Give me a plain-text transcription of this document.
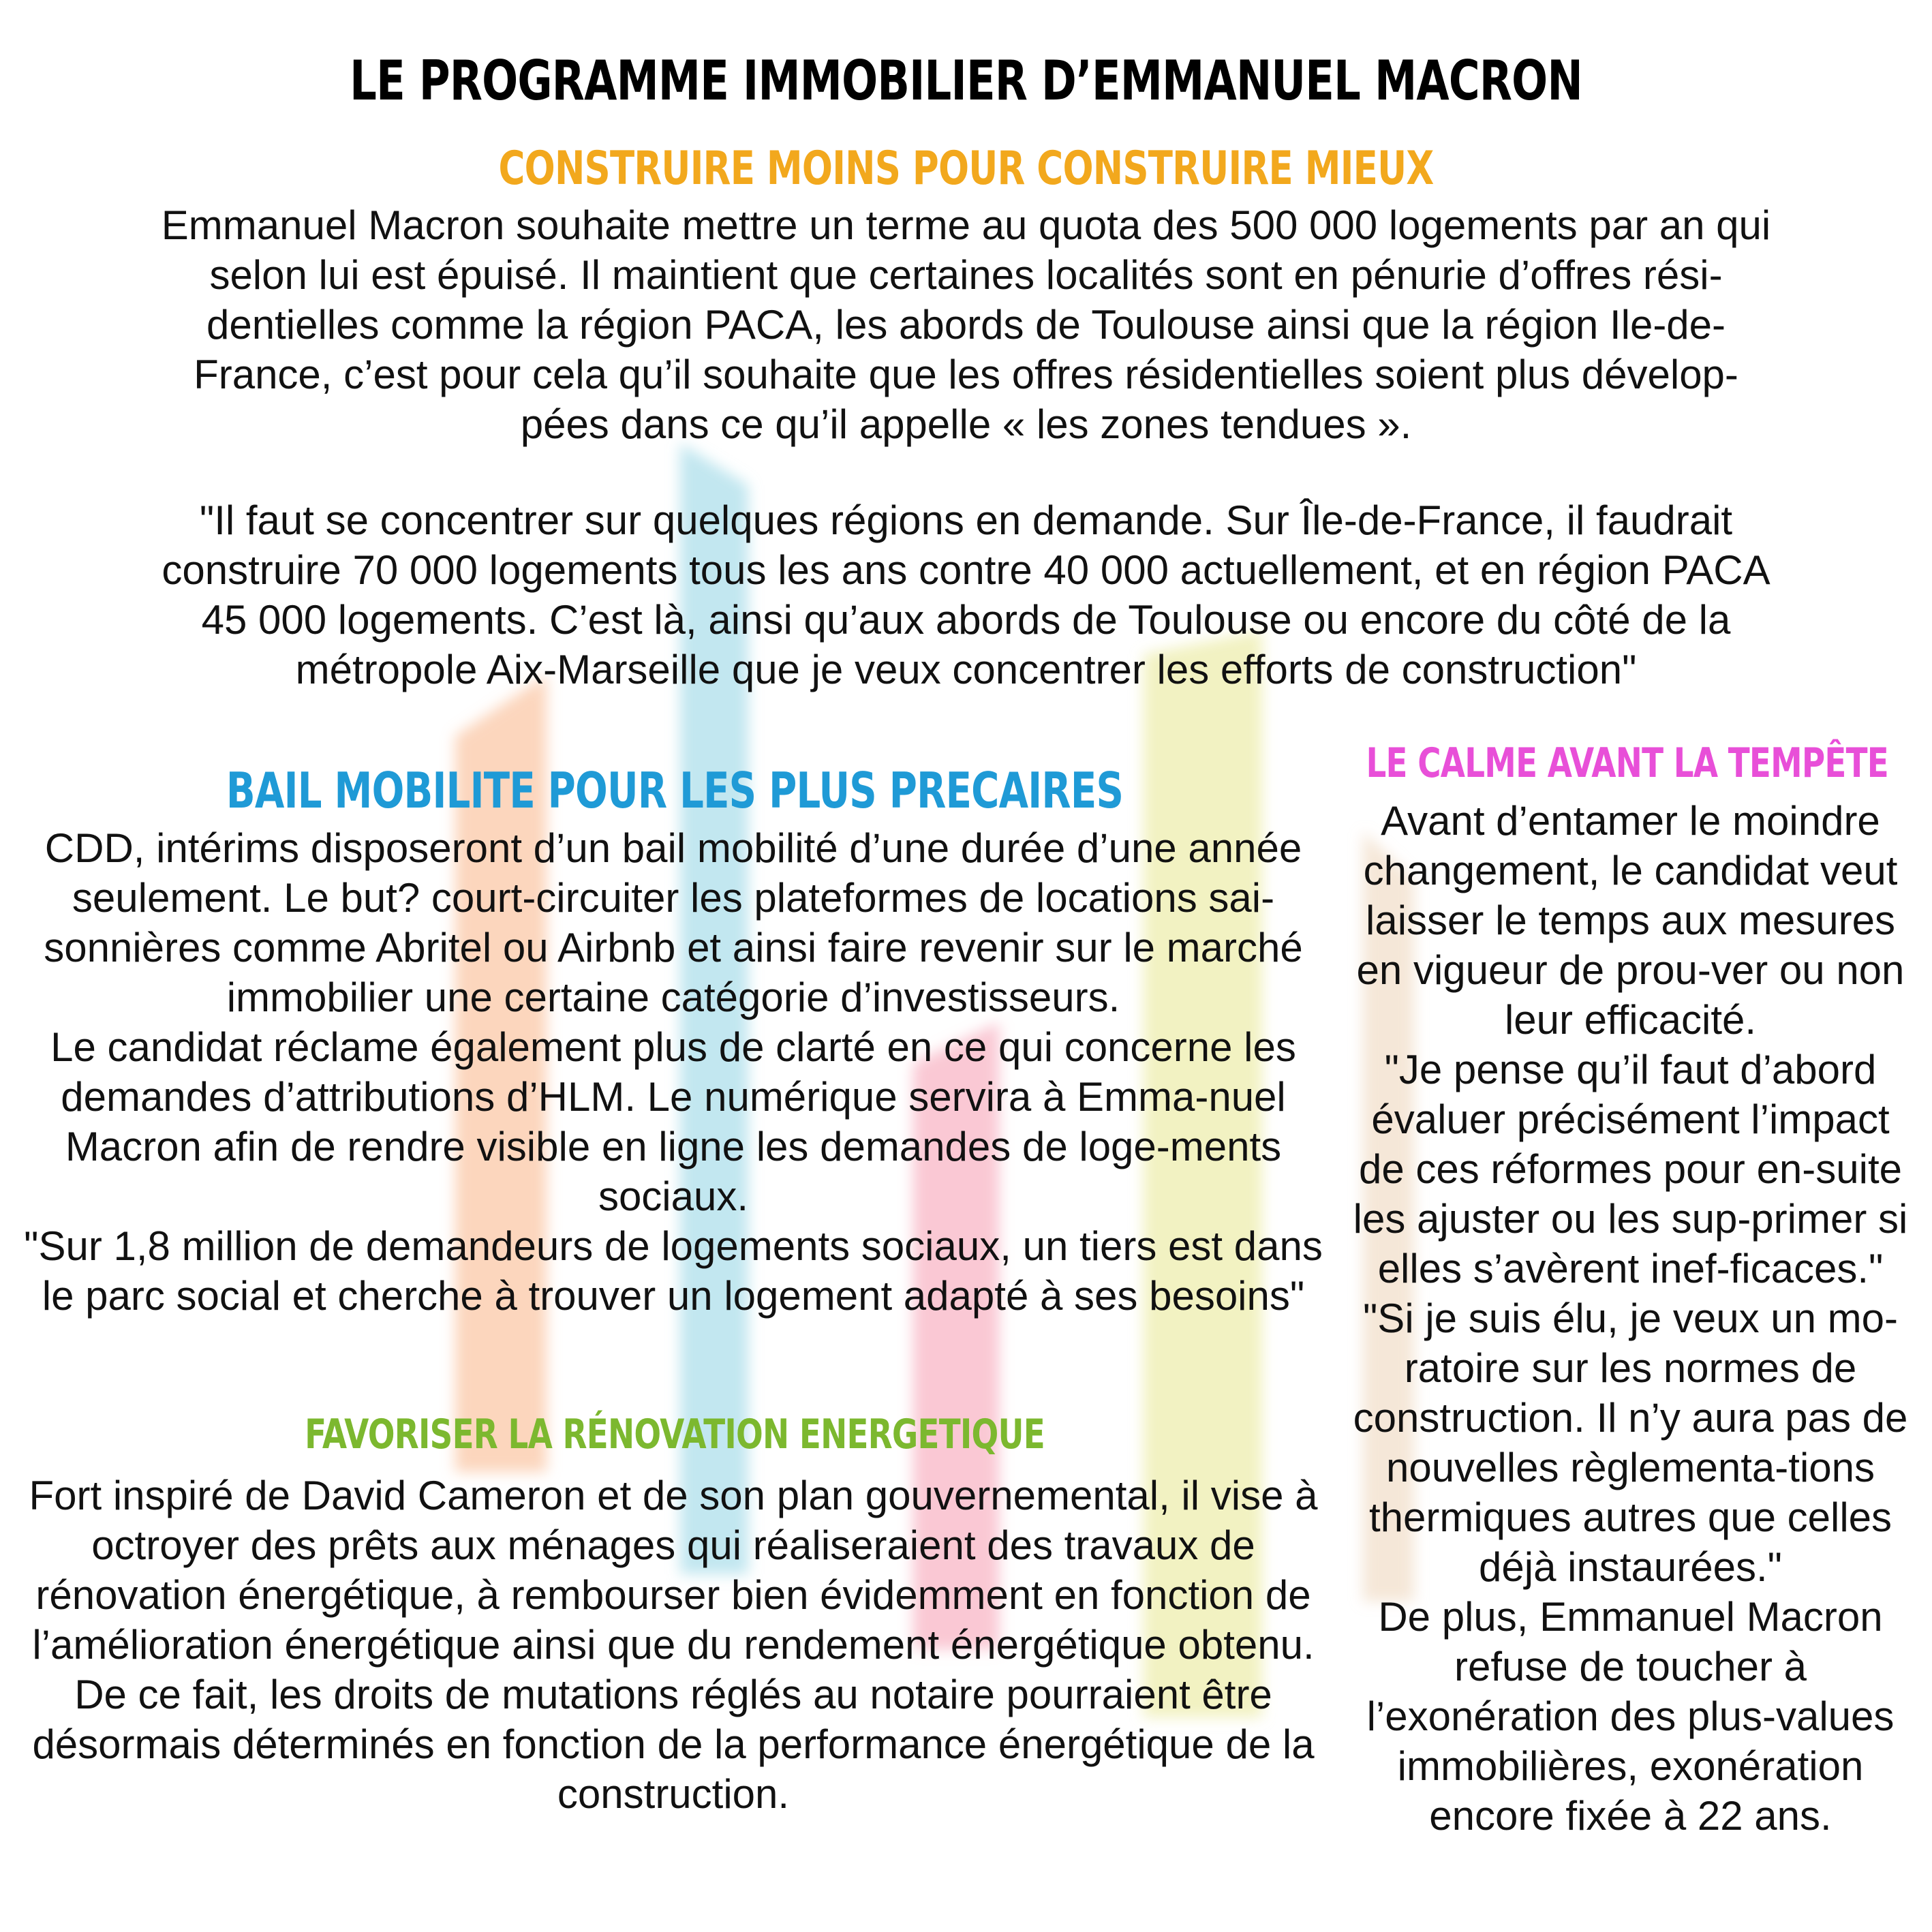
LE PROGRAMME IMMOBILIER D’EMMANUEL MACRON
CONSTRUIRE MOINS POUR CONSTRUIRE MIEUX

Emmanuel Macron souhaite mettre un terme au quota des 500 000 logements par an qui selon lui est épuisé. Il maintient que certaines localités sont en pénurie d’offres rési-dentielles comme la région PACA, les abords de Toulouse ainsi que la région Ile-de-France, c’est pour cela qu’il souhaite que les offres résidentielles soient plus dévelop-pées dans ce qu’il appelle « les zones tendues ».

"Il faut se concentrer sur quelques régions en demande. Sur Île-de-France, il faudrait construire 70 000 logements tous les ans contre 40 000 actuellement, et en région PACA 45 000 logements. C’est là, ainsi qu’aux abords de Toulouse ou encore du côté de la métropole Aix-Marseille que je veux concentrer les efforts de construction"

BAIL MOBILITE POUR LES PLUS PRECAIRES

CDD, intérims disposeront d’un bail mobilité d’une durée d’une année seulement. Le but? court-circuiter les plateformes de locations sai-sonnières comme Abritel ou Airbnb et ainsi faire revenir sur le marché immobilier une certaine catégorie d’investisseurs.

Le candidat réclame également plus de clarté en ce qui concerne les demandes d’attributions d’HLM. Le numérique servira à Emma-nuel Macron afin de rendre visible en ligne les demandes de loge-ments sociaux.

"Sur 1,8 million de demandeurs de logements sociaux, un tiers est dans le parc social et cherche à trouver un logement adapté à ses besoins"

FAVORISER LA RÉNOVATION ENERGETIQUE

Fort inspiré de David Cameron et de son plan gouvernemental, il vise à octroyer des prêts aux ménages qui réaliseraient des travaux de rénovation énergétique, à rembourser bien évidemment en fonction de l’amélioration énergétique ainsi que du rendement énergétique obtenu.

De ce fait, les droits de mutations réglés au notaire pourraient être désormais déterminés en fonction de la performance énergétique de la construction.

LE CALME AVANT LA TEMPÊTE

Avant d’entamer le moindre changement, le candidat veut laisser le temps aux mesures en vigueur de prou-ver ou non leur efficacité.

"Je pense qu’il faut d’abord évaluer précisément l’impact de ces réformes pour en-suite les ajuster ou les sup-primer si elles s’avèrent inef-ficaces."

"Si je suis élu, je veux un mo-ratoire sur les normes de construction. Il n’y aura pas de nouvelles règlementa-tions thermiques autres que celles déjà instaurées."

De plus, Emmanuel Macron refuse de toucher à l’exonération des plus-values immobilières, exonération encore fixée à 22 ans.
